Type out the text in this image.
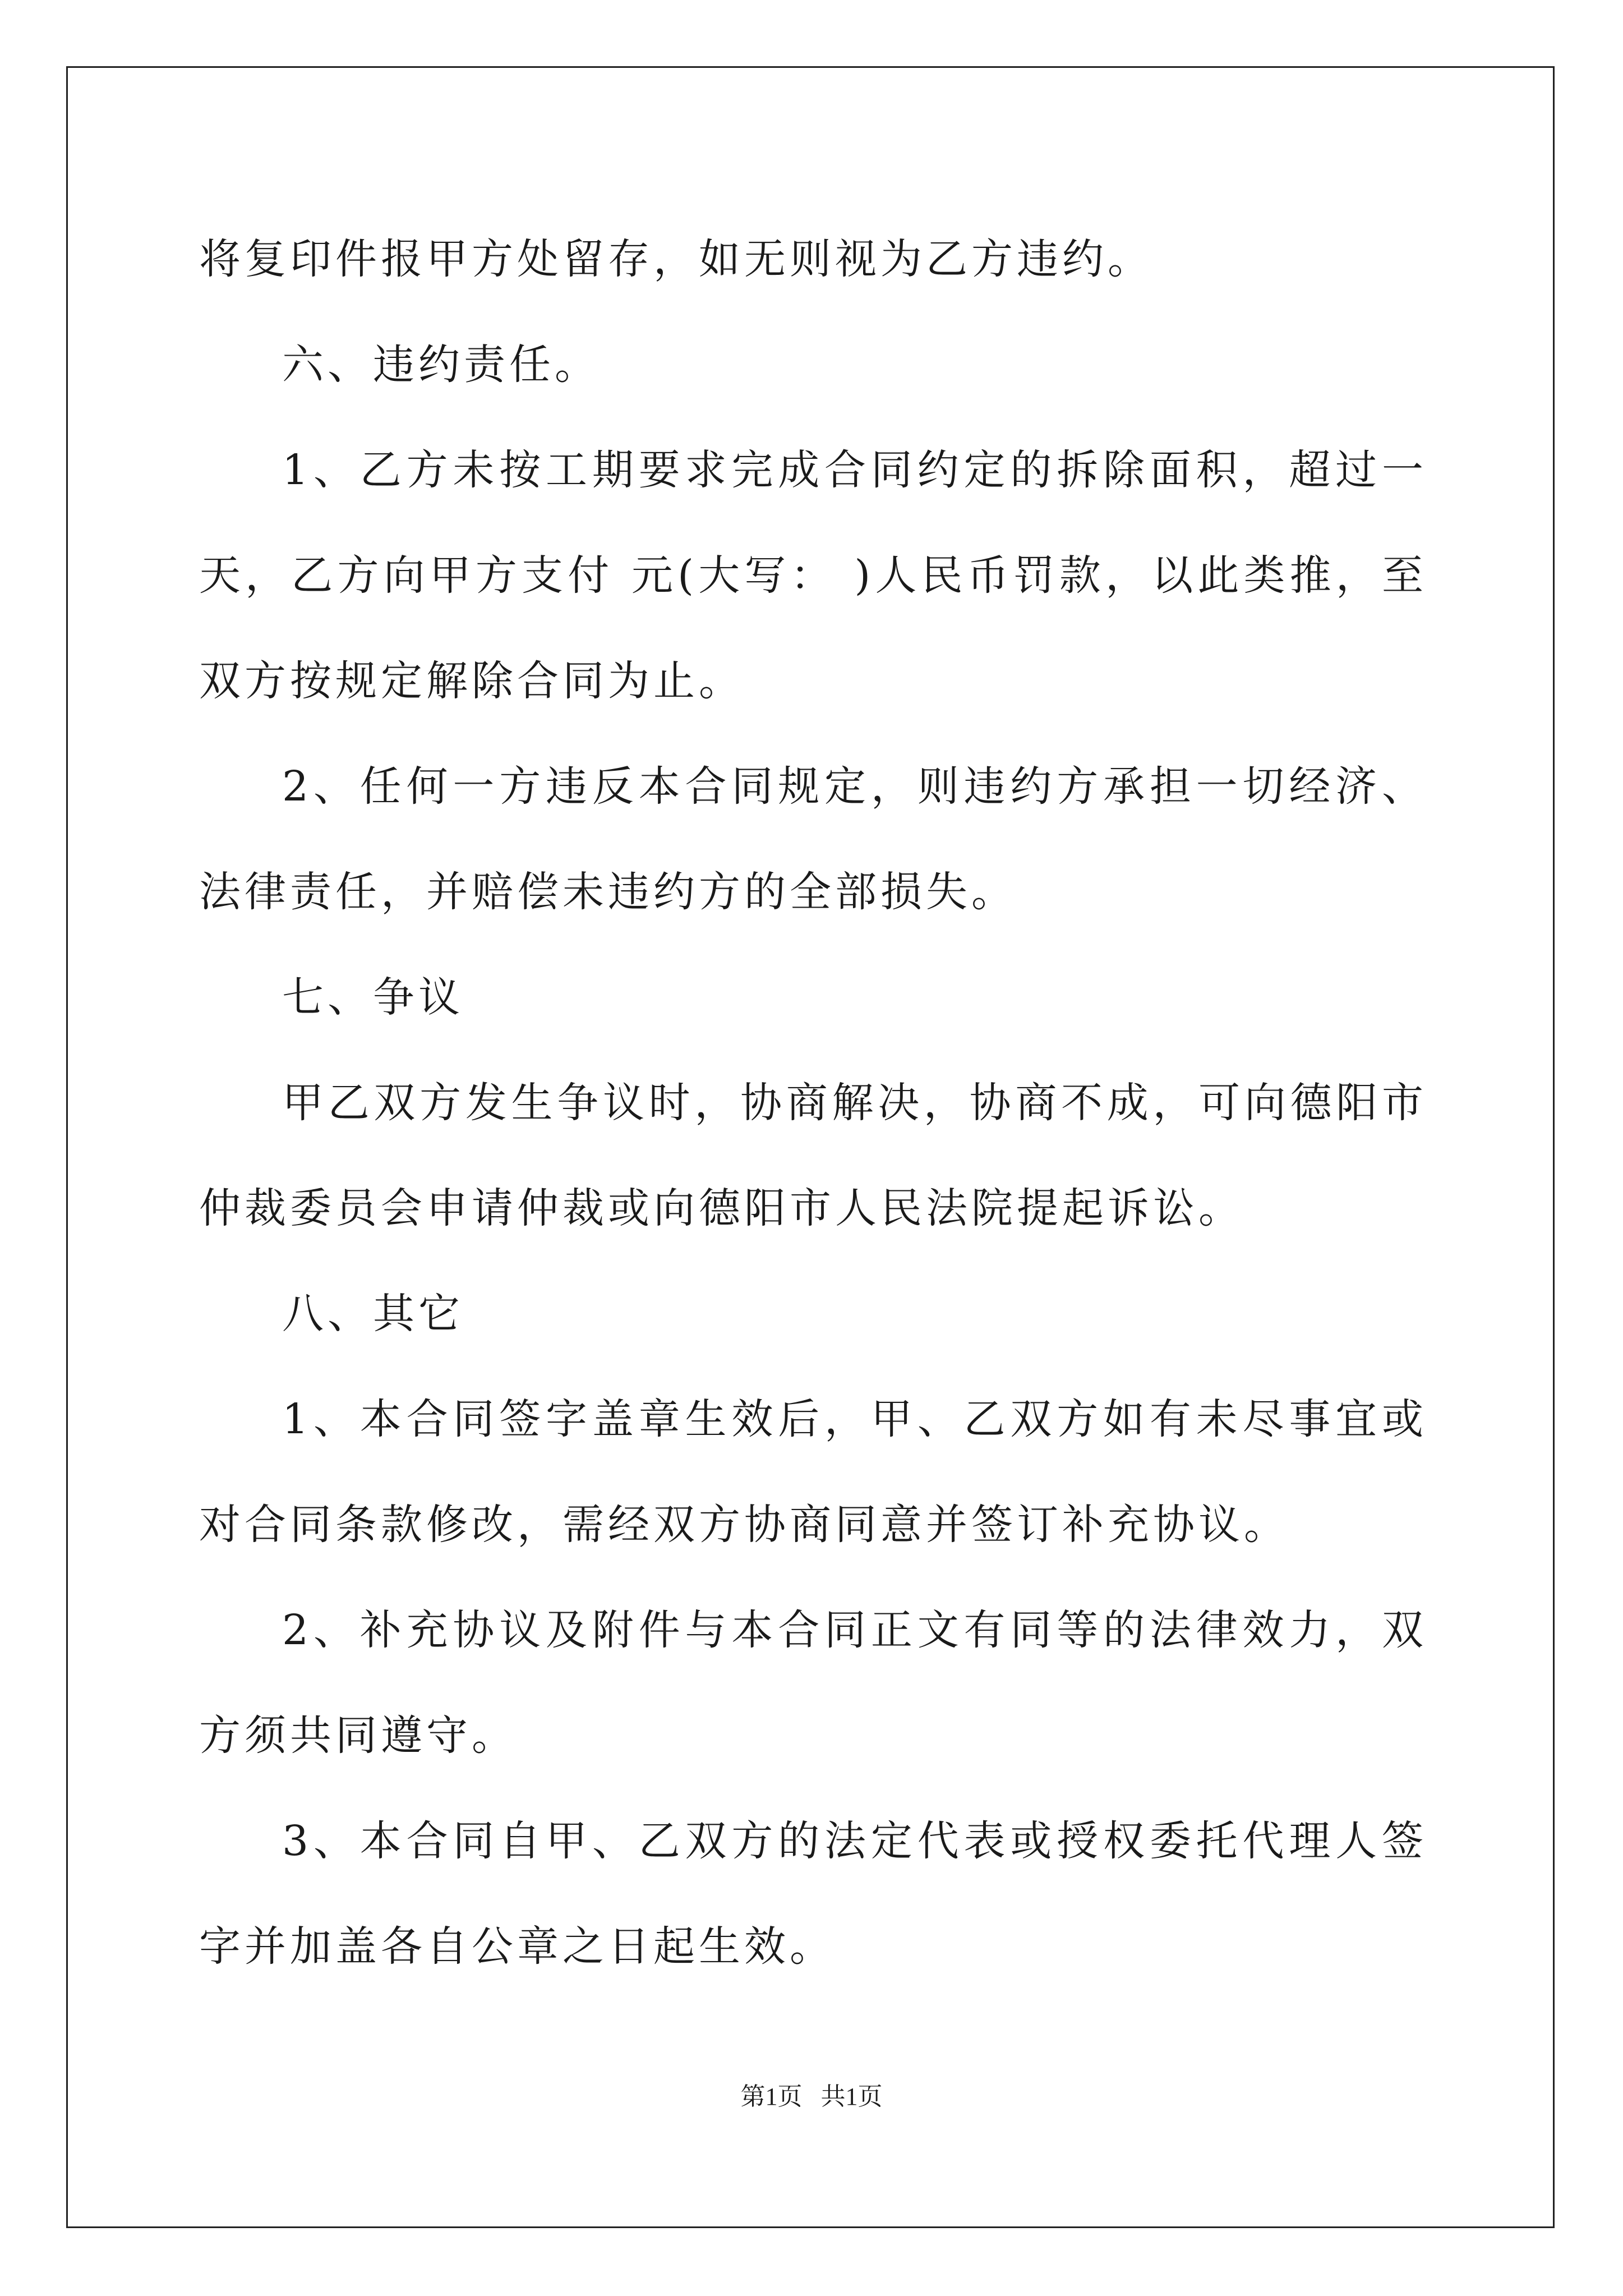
将复印件报甲方处留存，如无则视为乙方违约。

六、违约责任。

1、乙方未按工期要求完成合同约定的拆除面积，超过一天，乙方向甲方支付 元(大写： )人民币罚款，以此类推，至双方按规定解除合同为止。

2、任何一方违反本合同规定，则违约方承担一切经济、法律责任，并赔偿未违约方的全部损失。

七、争议

甲乙双方发生争议时，协商解决，协商不成，可向德阳市仲裁委员会申请仲裁或向德阳市人民法院提起诉讼。

八、其它

1、本合同签字盖章生效后，甲、乙双方如有未尽事宜或对合同条款修改，需经双方协商同意并签订补充协议。

2、补充协议及附件与本合同正文有同等的法律效力，双方须共同遵守。

3、本合同自甲、乙双方的法定代表或授权委托代理人签字并加盖各自公章之日起生效。

第1页 共1页
